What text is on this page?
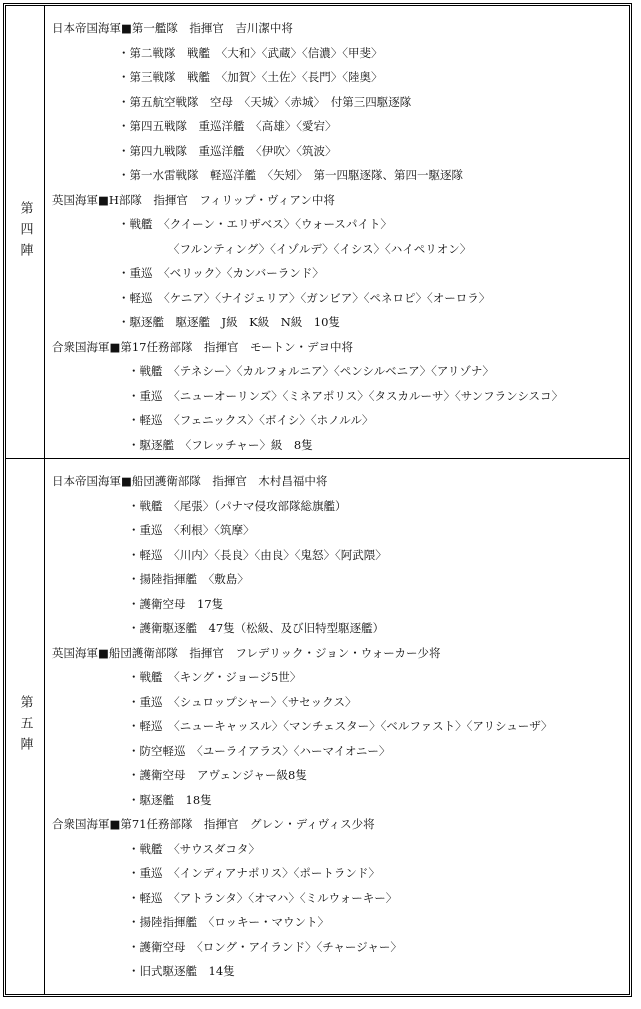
第四陣
日本帝国海軍■第一艦隊　指揮官　吉川潔中将
・第二戦隊　戦艦　〈大和〉〈武蔵〉〈信濃〉〈甲斐〉
・第三戦隊　戦艦　〈加賀〉〈土佐〉〈長門〉〈陸奥〉
・第五航空戦隊　空母　〈天城〉〈赤城〉　付第三四駆逐隊
・第四五戦隊　重巡洋艦　〈高雄〉〈愛宕〉
・第四九戦隊　重巡洋艦　〈伊吹〉〈筑波〉
・第一水雷戦隊　軽巡洋艦　〈矢矧〉　第一四駆逐隊、第四一駆逐隊
英国海軍■H部隊　指揮官　フィリップ・ヴィアン中将
・戦艦　〈クイーン・エリザベス〉〈ウォースパイト〉
〈フルンティング〉〈イゾルデ〉〈イシス〉〈ハイペリオン〉
・重巡　〈ベリック〉〈カンバーランド〉
・軽巡　〈ケニア〉〈ナイジェリア〉〈ガンビア〉〈ペネロピ〉〈オーロラ〉
・駆逐艦　駆逐艦　J級　K級　N級　10隻
合衆国海軍■第17任務部隊　指揮官　モートン・デヨ中将
・戦艦　〈テネシー〉〈カルフォルニア〉〈ペンシルベニア〉〈アリゾナ〉
・重巡　〈ニューオーリンズ〉〈ミネアポリス〉〈タスカルーサ〉〈サンフランシスコ〉
・軽巡　〈フェニックス〉〈ボイシ〉〈ホノルル〉
・駆逐艦　〈フレッチャー〉級　8隻
第五陣
日本帝国海軍■船団護衛部隊　指揮官　木村昌福中将
・戦艦　〈尾張〉（パナマ侵攻部隊総旗艦）
・重巡　〈利根〉〈筑摩〉
・軽巡　〈川内〉〈長良〉〈由良〉〈鬼怒〉〈阿武隈〉
・揚陸指揮艦　〈敷島〉
・護衛空母　17隻
・護衛駆逐艦　47隻（松級、及び旧特型駆逐艦）
英国海軍■船団護衛部隊　指揮官　フレデリック・ジョン・ウォーカー少将
・戦艦　〈キング・ジョージ5世〉
・重巡　〈シュロップシャー〉〈サセックス〉
・軽巡　〈ニューキャッスル〉〈マンチェスター〉〈ベルファスト〉〈アリシューザ〉
・防空軽巡　〈ユーライアラス〉〈ハーマイオニー〉
・護衛空母　アヴェンジャー級8隻
・駆逐艦　18隻
合衆国海軍■第71任務部隊　指揮官　グレン・ディヴィス少将
・戦艦　〈サウスダコタ〉
・重巡　〈インディアナポリス〉〈ポートランド〉
・軽巡　〈アトランタ〉〈オマハ〉〈ミルウォーキー〉
・揚陸指揮艦　〈ロッキー・マウント〉
・護衛空母　〈ロング・アイランド〉〈チャージャー〉
・旧式駆逐艦　14隻
